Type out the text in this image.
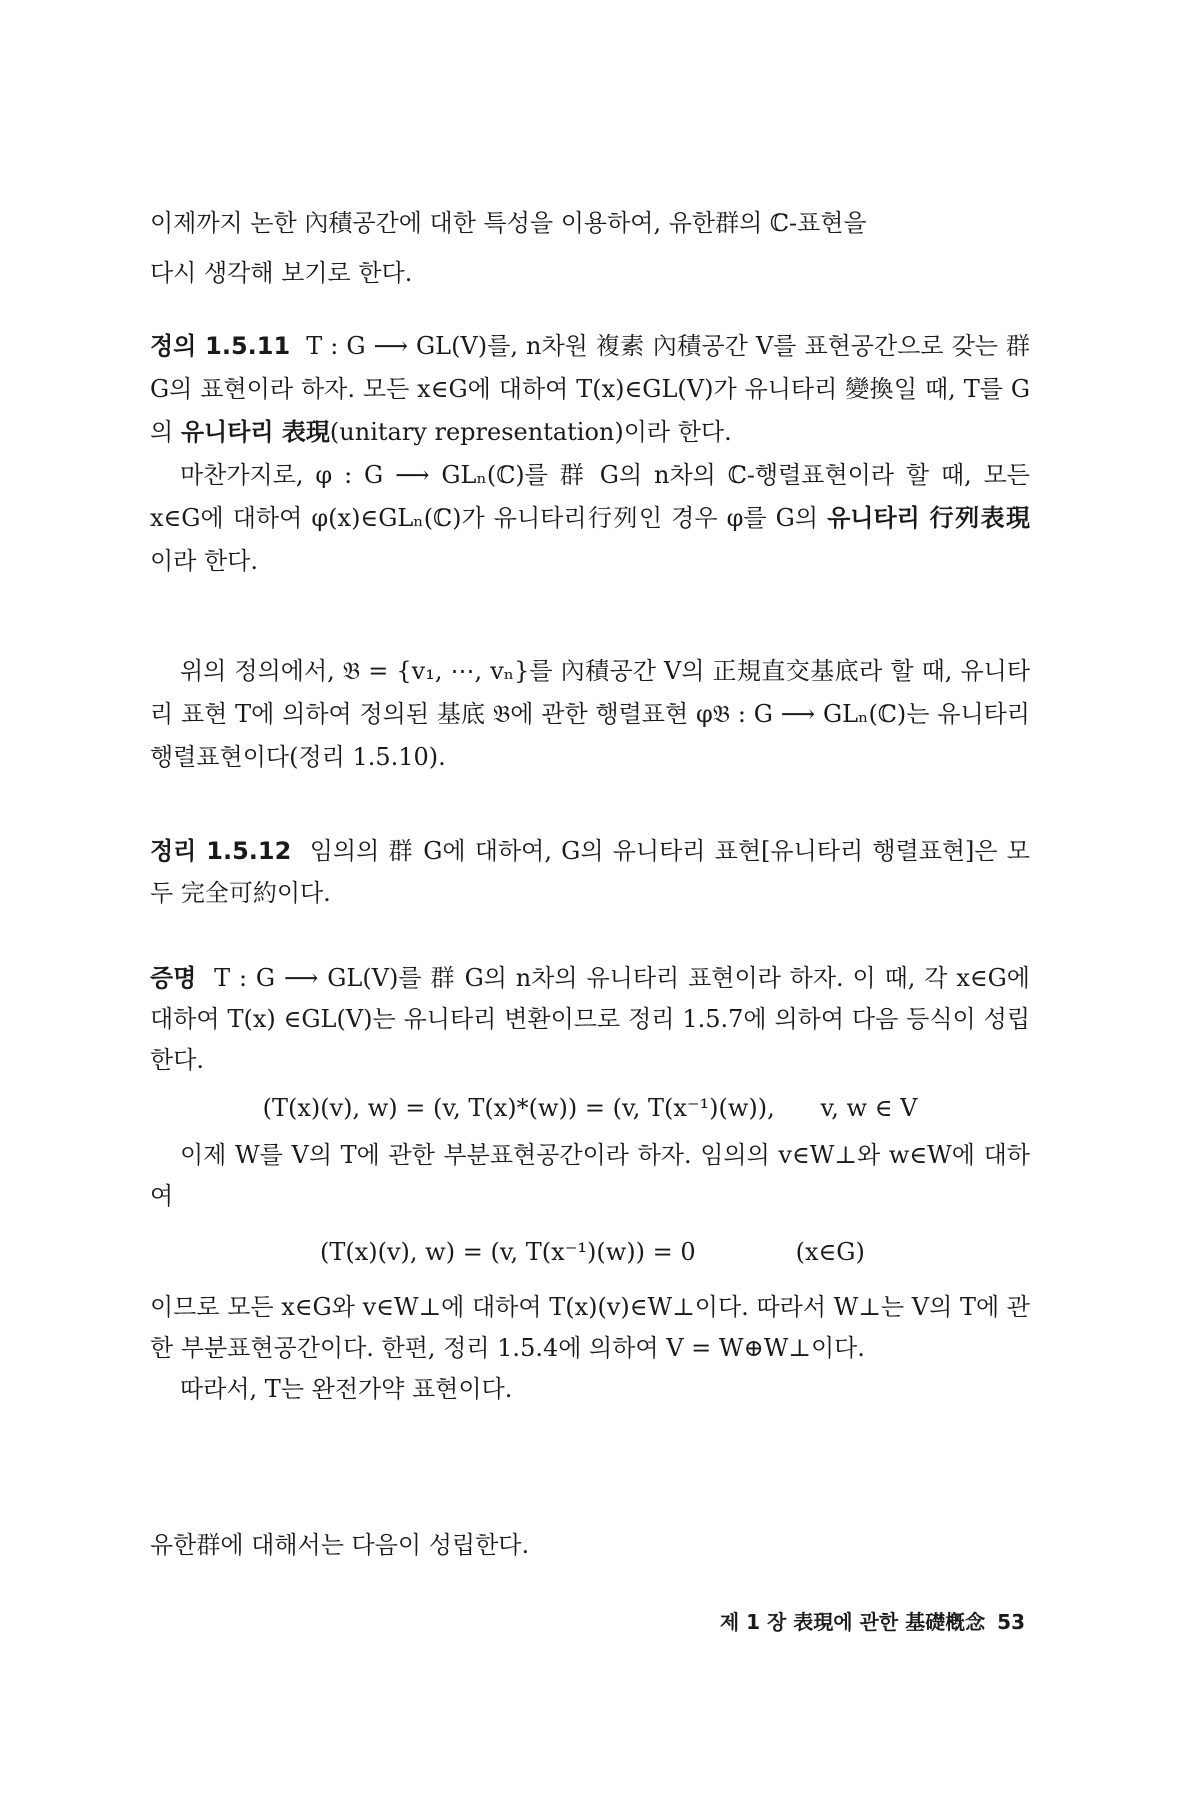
이제까지 논한 內積공간에 대한 특성을 이용하여, 유한群의 ℂ-표현을
다시 생각해 보기로 한다.

정의 1.5.11 T : G ⟶ GL(V)를, n차원 複素 內積공간 V를 표현공간으로 갖는 群 G의 표현이라 하자. 모든 x∈G에 대하여 T(x)∈GL(V)가 유니타리 變換일 때, T를 G의 유니타리 表現(unitary representation)이라 한다.

마찬가지로, φ : G ⟶ GLₙ(ℂ)를 群 G의 n차의 ℂ-행렬표현이라 할 때, 모든 x∈G에 대하여 φ(x)∈GLₙ(ℂ)가 유니타리行列인 경우 φ를 G의 유니타리 行列表現이라 한다.

위의 정의에서, 𝔅 = {v₁, ⋯, vₙ}를 內積공간 V의 正規直交基底라 할 때, 유니타리 표현 T에 의하여 정의된 基底 𝔅에 관한 행렬표현 φ𝔅 : G ⟶ GLₙ(ℂ)는 유니타리 행렬표현이다(정리 1.5.10).

정리 1.5.12 임의의 群 G에 대하여, G의 유니타리 표현[유니타리 행렬표현]은 모두 完全可約이다.

증명 T : G ⟶ GL(V)를 群 G의 n차의 유니타리 표현이라 하자. 이 때, 각 x∈G에 대하여 T(x) ∈GL(V)는 유니타리 변환이므로 정리 1.5.7에 의하여 다음 등식이 성립한다.

(T(x)(v), w) = (v, T(x)*(w)) = (v, T(x⁻¹)(w)),      v, w ∈ V

이제 W를 V의 T에 관한 부분표현공간이라 하자. 임의의 v∈W⊥와 w∈W에 대하여

(T(x)(v), w) = (v, T(x⁻¹)(w)) = 0	(x∈G)

이므로 모든 x∈G와 v∈W⊥에 대하여 T(x)(v)∈W⊥이다. 따라서 W⊥는 V의 T에 관한 부분표현공간이다. 한편, 정리 1.5.4에 의하여 V = W⊕W⊥이다.

따라서, T는 완전가약 표현이다.

유한群에 대해서는 다음이 성립한다.
제 1 장 表現에 관한 基礎槪念 53
